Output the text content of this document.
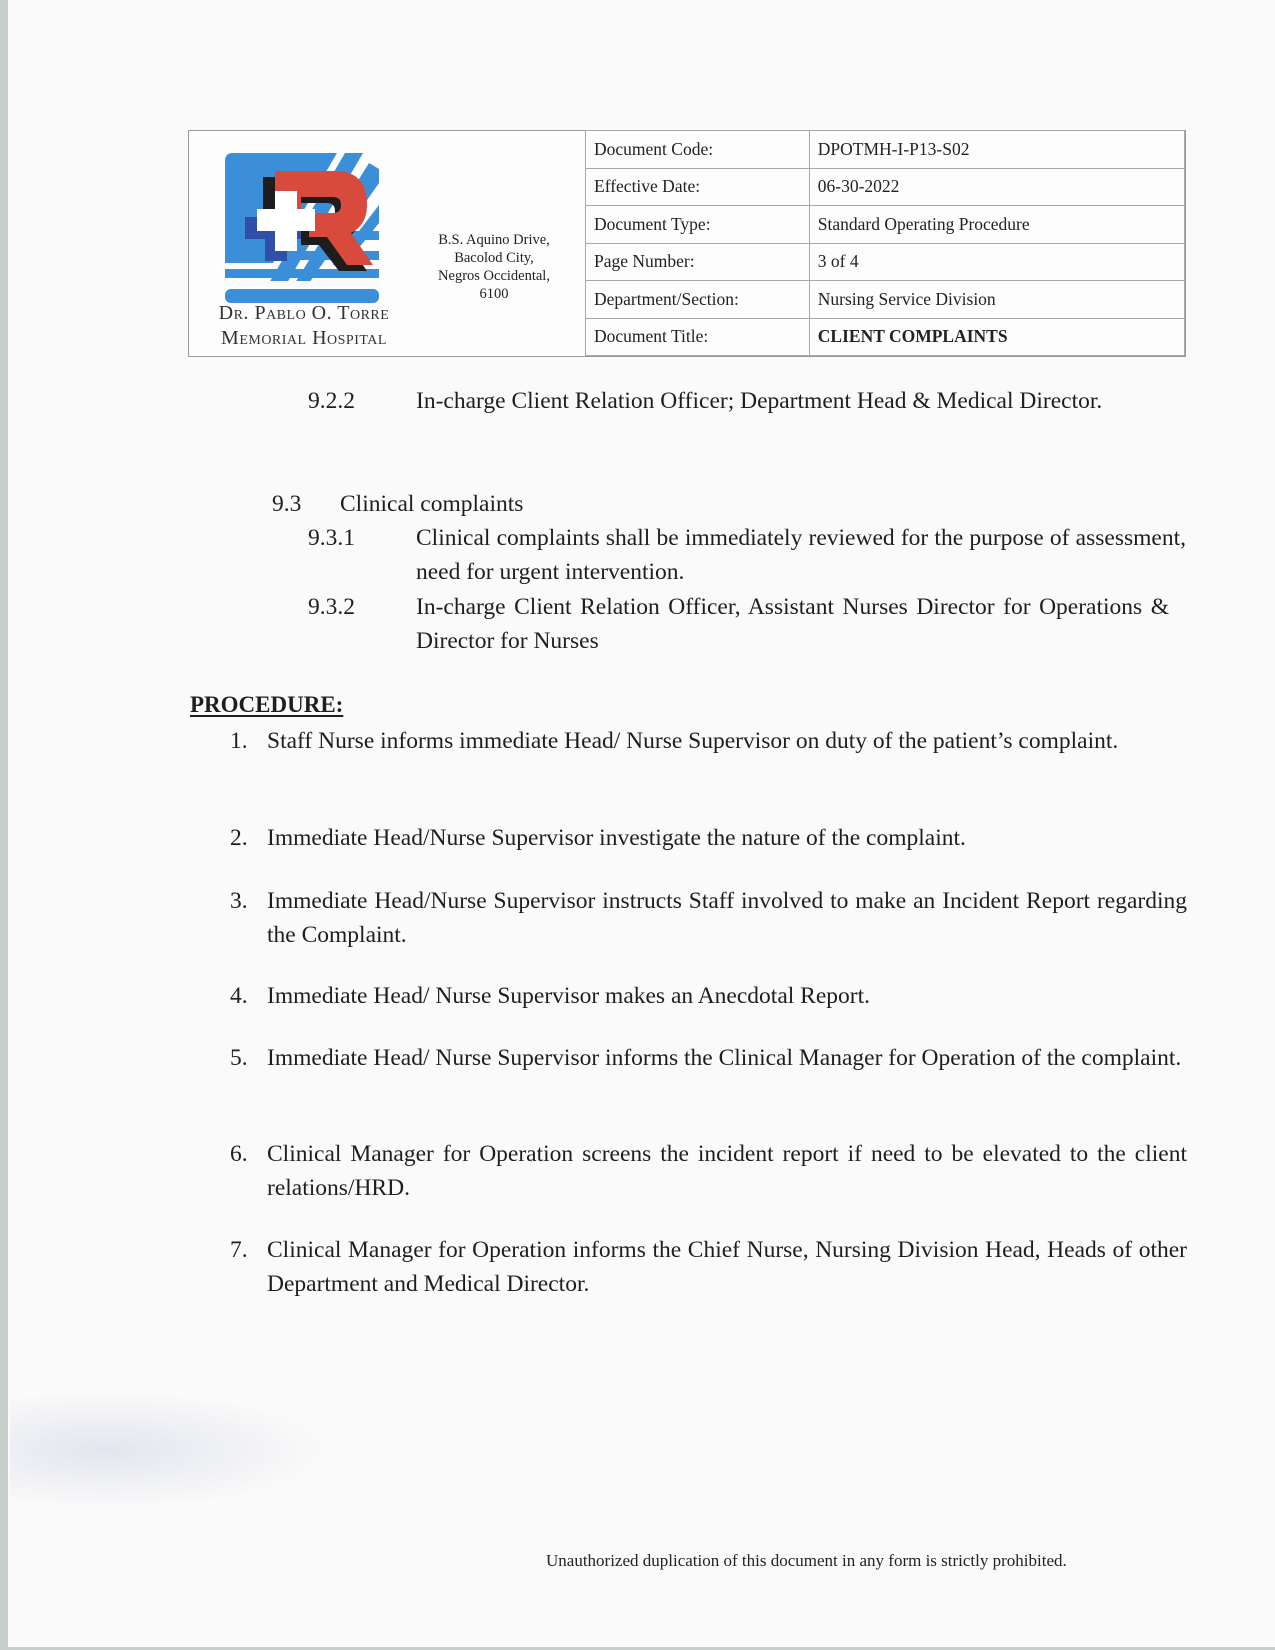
Dr. Pablo O. Torre
Memorial Hospital
B.S. Aquino Drive,
Bacolod City,
Negros Occidental,
6100
Document Code:	DPOTMH-I-P13-S02
Effective Date:	06-30-2022
Document Type:	Standard Operating Procedure
Page Number:	3 of 4
Department/Section:	Nursing Service Division
Document Title:	CLIENT COMPLAINTS
9.2.2	In-charge Client Relation Officer; Department Head & Medical Director.
9.3 Clinical complaints
9.3.1	Clinical complaints shall be immediately reviewed for the purpose of assessment, need for urgent intervention.
9.3.2	In-charge Client Relation Officer, Assistant Nurses Director for Operations & Director for Nurses
PROCEDURE:
1. Staff Nurse informs immediate Head/ Nurse Supervisor on duty of the patient’s complaint.
2. Immediate Head/Nurse Supervisor investigate the nature of the complaint.
3. Immediate Head/Nurse Supervisor instructs Staff involved to make an Incident Report regarding the Complaint.
4. Immediate Head/ Nurse Supervisor makes an Anecdotal Report.
5. Immediate Head/ Nurse Supervisor informs the Clinical Manager for Operation of the complaint.
6. Clinical Manager for Operation screens the incident report if need to be elevated to the client relations/HRD.
7. Clinical Manager for Operation informs the Chief Nurse, Nursing Division Head, Heads of other Department and Medical Director.
Unauthorized duplication of this document in any form is strictly prohibited.
